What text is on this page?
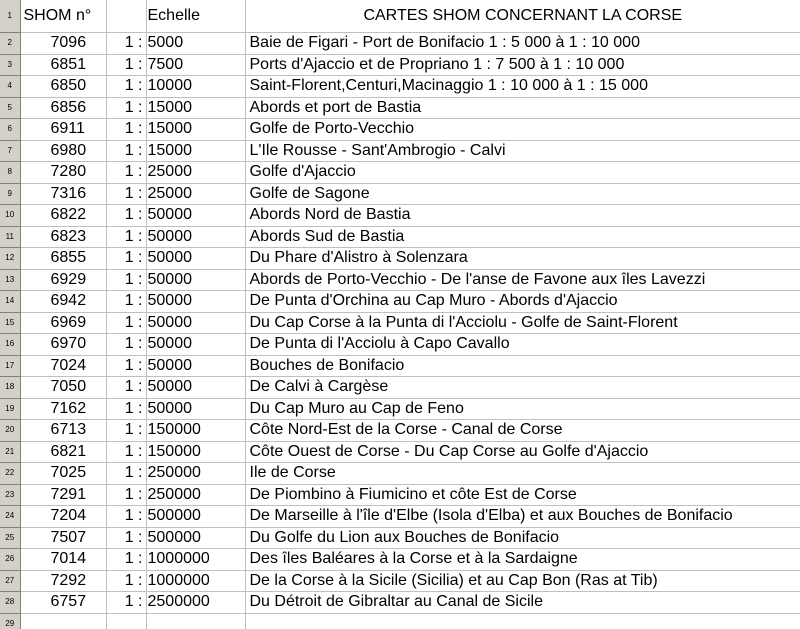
1	SHOM n°		Echelle	CARTES SHOM CONCERNANT LA CORSE
2	7096	1 :	5000	Baie de Figari - Port de Bonifacio 1 : 5 000 à 1 : 10 000
3	6851	1 :	7500	Ports d'Ajaccio et de Propriano 1 : 7 500 à 1 : 10 000
4	6850	1 :	10000	Saint-Florent,Centuri,Macinaggio 1 : 10 000 à 1 : 15 000
5	6856	1 :	15000	Abords et port de Bastia
6	6911	1 :	15000	Golfe de Porto-Vecchio
7	6980	1 :	15000	L'Ile Rousse - Sant'Ambrogio - Calvi
8	7280	1 :	25000	Golfe d'Ajaccio
9	7316	1 :	25000	Golfe de Sagone
10	6822	1 :	50000	Abords Nord de Bastia
11	6823	1 :	50000	Abords Sud de Bastia
12	6855	1 :	50000	Du Phare d'Alistro à Solenzara
13	6929	1 :	50000	Abords de Porto-Vecchio - De l'anse de Favone aux îles Lavezzi
14	6942	1 :	50000	De Punta d'Orchina au Cap Muro - Abords d'Ajaccio
15	6969	1 :	50000	Du Cap Corse à la Punta di l'Acciolu - Golfe de Saint-Florent
16	6970	1 :	50000	De Punta di l'Acciolu à Capo Cavallo
17	7024	1 :	50000	Bouches de Bonifacio
18	7050	1 :	50000	De Calvi à Cargèse
19	7162	1 :	50000	Du Cap Muro au Cap de Feno
20	6713	1 :	150000	Côte Nord-Est de la Corse - Canal de Corse
21	6821	1 :	150000	Côte Ouest de Corse - Du Cap Corse au Golfe d'Ajaccio
22	7025	1 :	250000	Ile de Corse
23	7291	1 :	250000	De Piombino à Fiumicino et côte Est de Corse
24	7204	1 :	500000	De Marseille à l'île d'Elbe (Isola d'Elba) et aux Bouches de Bonifacio
25	7507	1 :	500000	Du Golfe du Lion aux Bouches de Bonifacio
26	7014	1 :	1000000	Des îles Baléares à la Corse et à la Sardaigne
27	7292	1 :	1000000	De la Corse à la Sicile (Sicilia) et au Cap Bon (Ras at Tib)
28	6757	1 :	2500000	Du Détroit de Gibraltar au Canal de Sicile
29				
